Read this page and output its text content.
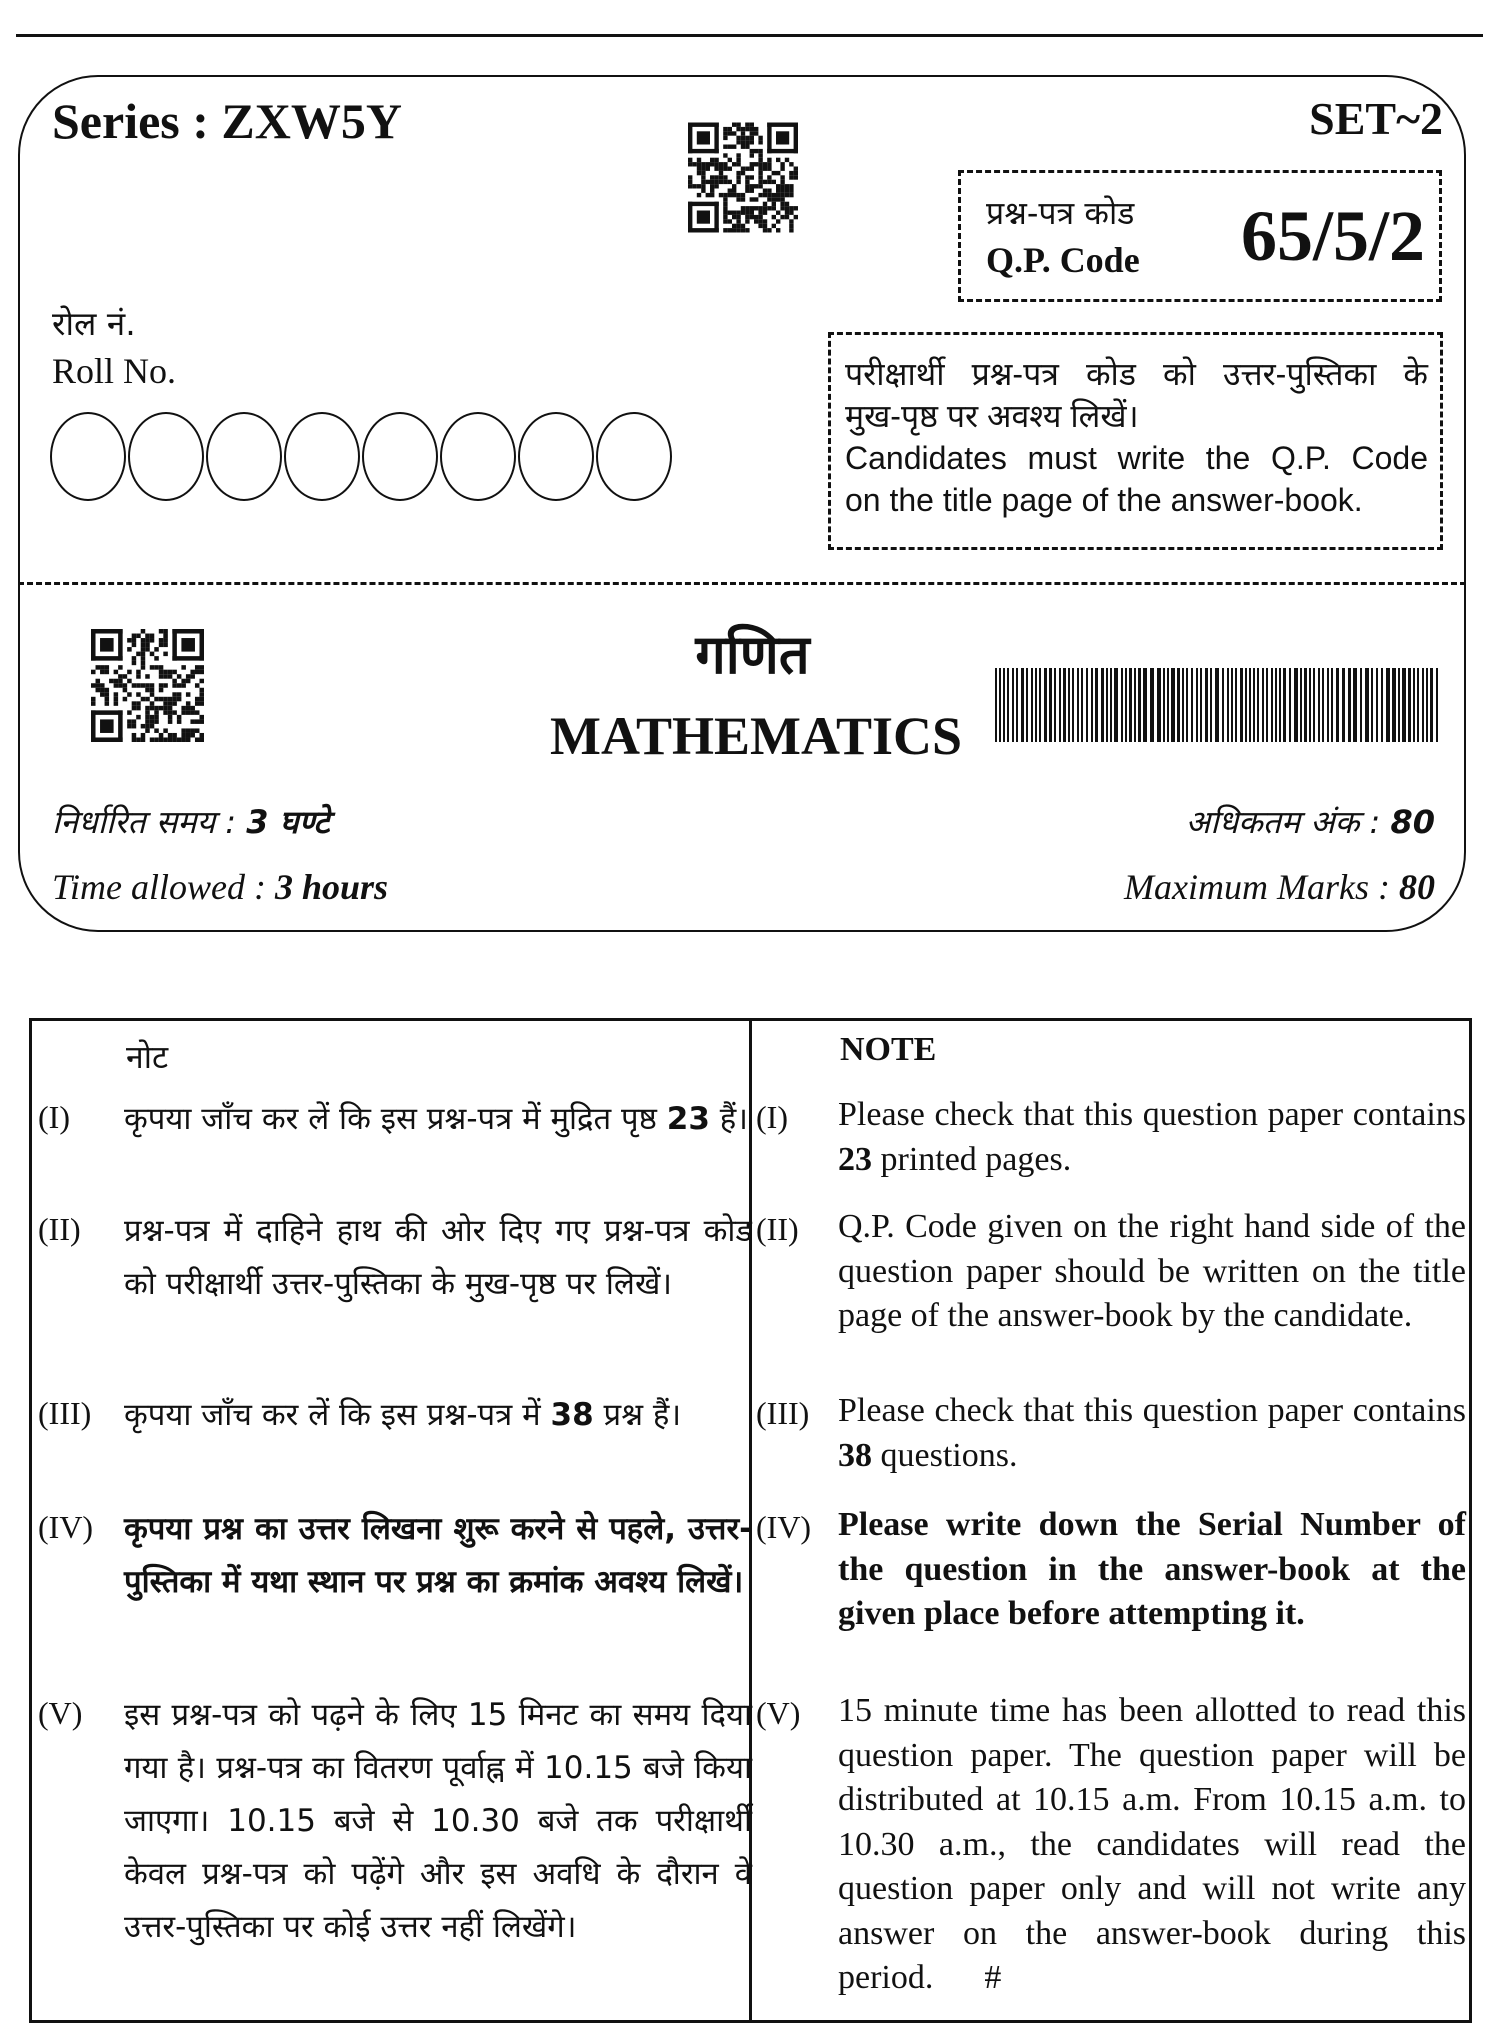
Series : ZXW5Y	SET~2
प्रश्न-पत्र कोड
Q.P. Code 65/5/2
रोल नं.
Roll No.	परीक्षार्थी प्रश्न-पत्र कोड को उत्तर-पुस्तिका के
मुख-पृष्ठ पर अवश्य लिखें।
Candidates must write the Q.P. Code
on the title page of the answer-book.
गणित
MATHEMATICS
निर्धारित समय : 3 घण्टे
Time allowed : 3 hours
अधिकतम अंक : 80
Maximum Marks : 80
नोट	NOTE
(I) कृपया जाँच कर लें कि इस प्रश्न-पत्र में मुद्रित पृष्ठ 23 हैं। (I) Please check that this question paper contains 23 printed pages.
(II) प्रश्न-पत्र में दाहिने हाथ की ओर दिए गए प्रश्न-पत्र कोड को परीक्षार्थी उत्तर-पुस्तिका के मुख-पृष्ठ पर लिखें।
(II) Q.P. Code given on the right hand side of the question paper should be written on the title page of the answer-book by the candidate.
(III) कृपया जाँच कर लें कि इस प्रश्न-पत्र में 38 प्रश्न हैं।	(III) Please check that this question paper contains 38 questions.
(IV) कृपया प्रश्न का उत्तर लिखना शुरू करने से पहले, उत्तर-पुस्तिका में यथा स्थान पर प्रश्न का क्रमांक अवश्य लिखें।
(IV) Please write down the Serial Number of the question in the answer-book at the given place before attempting it.
(V) इस प्रश्न-पत्र को पढ़ने के लिए 15 मिनट का समय दिया गया है। प्रश्न-पत्र का वितरण पूर्वाह्न में 10.15 बजे किया जाएगा। 10.15 बजे से 10.30 बजे तक परीक्षार्थी केवल प्रश्न-पत्र को पढ़ेंगे और इस अवधि के दौरान वे उत्तर-पुस्तिका पर कोई उत्तर नहीं लिखेंगे।
(V) 15 minute time has been allotted to read this question paper. The question paper will be distributed at 10.15 a.m. From 10.15 a.m. to 10.30 a.m., the candidates will read the question paper only and will not write any answer on the answer-book during this period.      #
